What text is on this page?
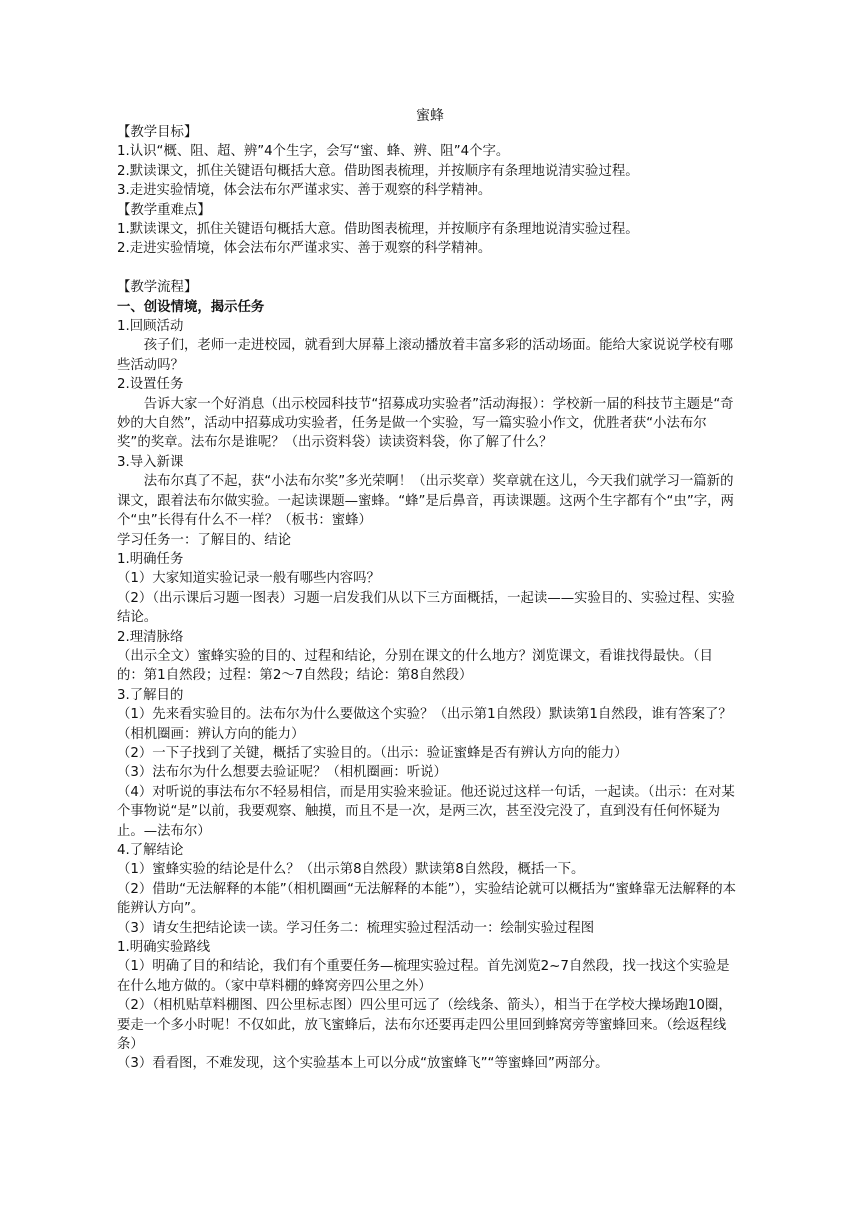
蜜蜂

【教学目标】

1.认识“概、阻、超、辨”4个生字，会写“蜜、蜂、辨、阻”4个字。

2.默读课文，抓住关键语句概括大意。借助图表梳理，并按顺序有条理地说清实验过程。

3.走进实验情境，体会法布尔严谨求实、善于观察的科学精神。

【教学重难点】

1.默读课文，抓住关键语句概括大意。借助图表梳理，并按顺序有条理地说清实验过程。

2.走进实验情境，体会法布尔严谨求实、善于观察的科学精神。

【教学流程】

一、创设情境，揭示任务

1.回顾活动

孩子们，老师一走进校园，就看到大屏幕上滚动播放着丰富多彩的活动场面。能给大家说说学校有哪些活动吗？

2.设置任务

告诉大家一个好消息（出示校园科技节“招募成功实验者”活动海报）：学校新一届的科技节主题是“奇妙的大自然”，活动中招募成功实验者，任务是做一个实验，写一篇实验小作文，优胜者获“小法布尔奖”的奖章。法布尔是谁呢？（出示资料袋）读读资料袋，你了解了什么？

3.导入新课

法布尔真了不起，获“小法布尔奖”多光荣啊！（出示奖章）奖章就在这儿，今天我们就学习一篇新的课文，跟着法布尔做实验。一起读课题—蜜蜂。“蜂”是后鼻音，再读课题。这两个生字都有个“虫”字，两个“虫”长得有什么不一样？（板书：蜜蜂）

学习任务一：了解目的、结论

1.明确任务

（1）大家知道实验记录一般有哪些内容吗？

（2）（出示课后习题一图表）习题一启发我们从以下三方面概括，一起读——实验目的、实验过程、实验结论。

2.理清脉络

（出示全文）蜜蜂实验的目的、过程和结论，分别在课文的什么地方？浏览课文，看谁找得最快。（目的：第1自然段；过程：第2～7自然段；结论：第8自然段）

3.了解目的

（1）先来看实验目的。法布尔为什么要做这个实验？（出示第1自然段）默读第1自然段，谁有答案了？（相机圈画：辨认方向的能力）

（2）一下子找到了关键，概括了实验目的。（出示：验证蜜蜂是否有辨认方向的能力）

（3）法布尔为什么想要去验证呢？（相机圈画：听说）

（4）对听说的事法布尔不轻易相信，而是用实验来验证。他还说过这样一句话，一起读。（出示：在对某个事物说“是”以前，我要观察、触摸，而且不是一次，是两三次，甚至没完没了，直到没有任何怀疑为止。—法布尔）

4.了解结论

（1）蜜蜂实验的结论是什么？（出示第8自然段）默读第8自然段，概括一下。

（2）借助“无法解释的本能”（相机圈画“无法解释的本能”），实验结论就可以概括为“蜜蜂靠无法解释的本能辨认方向”。

（3）请女生把结论读一读。学习任务二：梳理实验过程活动一：绘制实验过程图

1.明确实验路线

（1）明确了目的和结论，我们有个重要任务—梳理实验过程。首先浏览2~7自然段，找一找这个实验是在什么地方做的。（家中草料棚的蜂窝旁四公里之外）

（2）（相机贴草料棚图、四公里标志图）四公里可远了（绘线条、箭头），相当于在学校大操场跑10圈，要走一个多小时呢！不仅如此，放飞蜜蜂后，法布尔还要再走四公里回到蜂窝旁等蜜蜂回来。（绘返程线条）

（3）看看图，不难发现，这个实验基本上可以分成“放蜜蜂飞”“等蜜蜂回”两部分。
